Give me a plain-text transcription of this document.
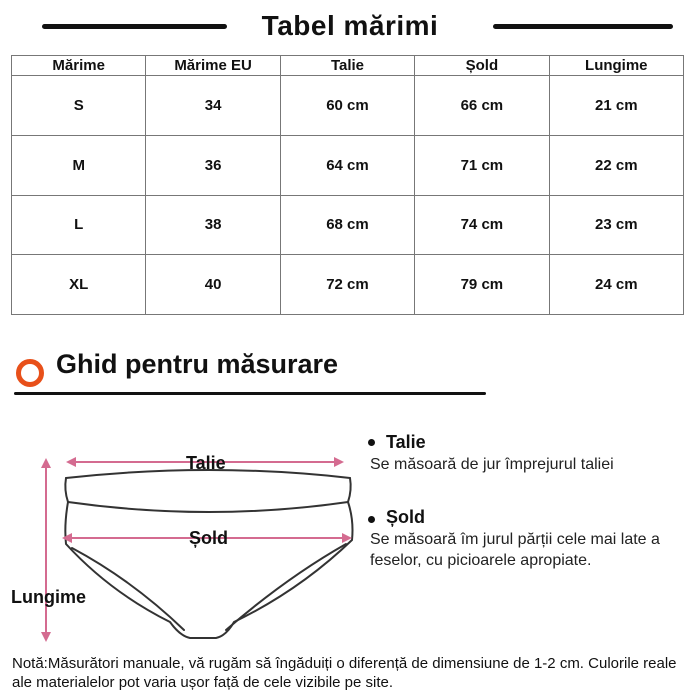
Tabel mărimi
Mărime	Mărime EU	Talie	Șold	Lungime
S	34	60 cm	66 cm	21 cm
M	36	64 cm	71 cm	22 cm
L	38	68 cm	74 cm	23 cm
XL	40	72 cm	79 cm	24 cm
Ghid pentru măsurare
Talie
Șold
Lungime
Talie
Se măsoară de jur împrejurul taliei
Șold
Se măsoară îm jurul părții cele mai late a feselor, cu picioarele apropiate.
Notă:Măsurători manuale, vă rugăm să îngăduiți o diferență de dimensiune de 1-2 cm. Culorile reale ale materialelor pot varia ușor față de cele vizibile pe site.
